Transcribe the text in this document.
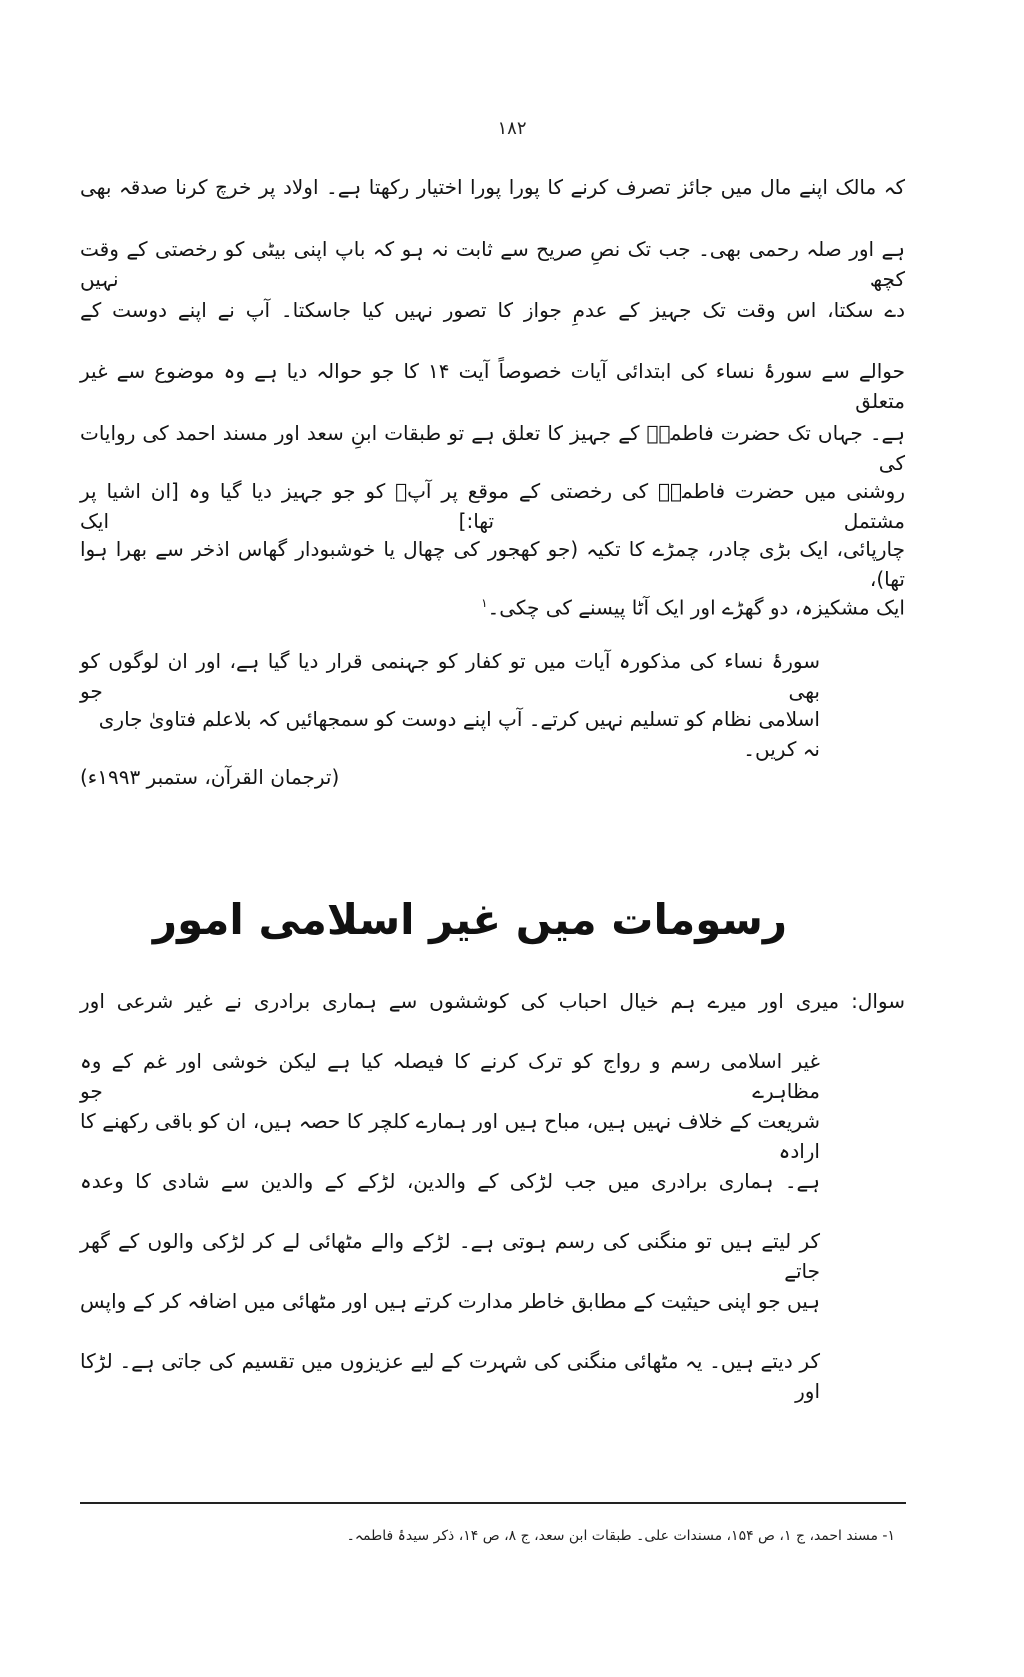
۱۸۲
کہ مالک اپنے مال میں جائز تصرف کرنے کا پورا پورا اختیار رکھتا ہے۔ اولاد پر خرچ کرنا صدقہ بھی
ہے اور صلہ رحمی بھی۔ جب تک نصِ صریح سے ثابت نہ ہو کہ باپ اپنی بیٹی کو رخصتی کے وقت کچھ نہیں
دے سکتا، اس وقت تک جہیز کے عدمِ جواز کا تصور نہیں کیا جاسکتا۔ آپ نے اپنے دوست کے
حوالے سے سورۂ نساء کی ابتدائی آیات خصوصاً آیت ۱۴ کا جو حوالہ دیا ہے وہ موضوع سے غیر متعلق
ہے۔ جہاں تک حضرت فاطمہؓ کے جہیز کا تعلق ہے تو طبقات ابنِ سعد اور مسند احمد کی روایات کی
روشنی میں حضرت فاطمہؓ کی رخصتی کے موقع پر آپؐ کو جو جہیز دیا گیا وہ [ان اشیا پر مشتمل تھا:] ایک
چارپائی، ایک بڑی چادر، چمڑے کا تکیہ (جو کھجور کی چھال یا خوشبودار گھاس اذخر سے بھرا ہوا تھا)،
ایک مشکیزہ، دو گھڑے اور ایک آٹا پیسنے کی چکی۔$^۱$
سورۂ نساء کی مذکورہ آیات میں تو کفار کو جہنمی قرار دیا گیا ہے، اور ان لوگوں کو بھی جو
اسلامی نظام کو تسلیم نہیں کرتے۔ آپ اپنے دوست کو سمجھائیں کہ بلاعلم فتاویٰ جاری نہ کریں۔
(ترجمان القرآن، ستمبر ۱۹۹۳ء)
رسومات میں غیر اسلامی امور
سوال: میری اور میرے ہم خیال احباب کی کوششوں سے ہماری برادری نے غیر شرعی اور
غیر اسلامی رسم و رواج کو ترک کرنے کا فیصلہ کیا ہے لیکن خوشی اور غم کے وہ مظاہرے جو
شریعت کے خلاف نہیں ہیں، مباح ہیں اور ہمارے کلچر کا حصہ ہیں، ان کو باقی رکھنے کا ارادہ
ہے۔ ہماری برادری میں جب لڑکی کے والدین، لڑکے کے والدین سے شادی کا وعدہ
کر لیتے ہیں تو منگنی کی رسم ہوتی ہے۔ لڑکے والے مٹھائی لے کر لڑکی والوں کے گھر جاتے
ہیں جو اپنی حیثیت کے مطابق خاطر مدارت کرتے ہیں اور مٹھائی میں اضافہ کر کے واپس
کر دیتے ہیں۔ یہ مٹھائی منگنی کی شہرت کے لیے عزیزوں میں تقسیم کی جاتی ہے۔ لڑکا اور
۱- مسند احمد، ج ۱، ص ۱۵۴، مسندات علی۔ طبقات ابن سعد، ج ۸، ص ۱۴، ذکر سیدۂ فاطمہ۔
